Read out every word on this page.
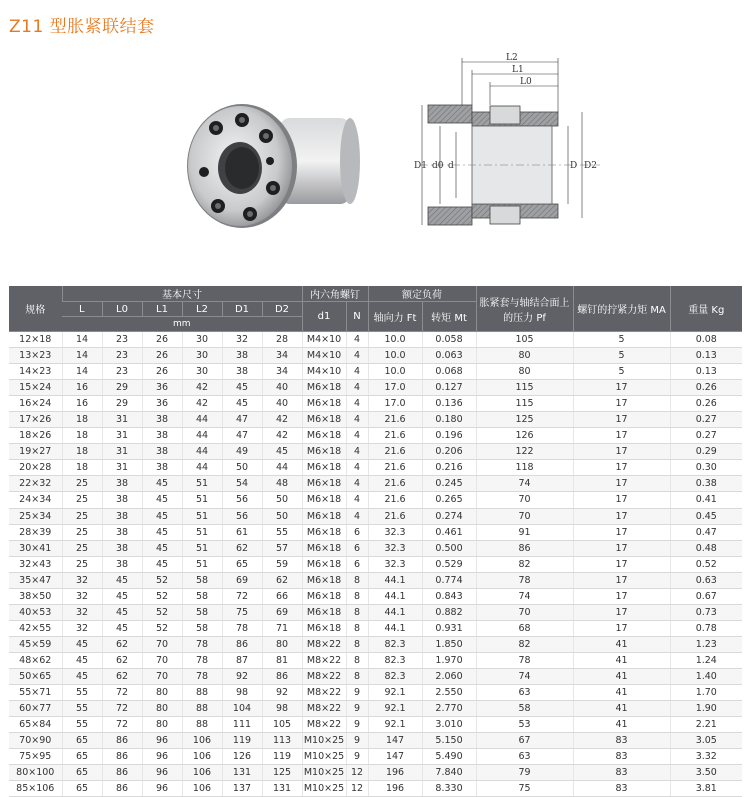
Z11 型胀紧联结套
L2
L1
L0
D1 d0 d	D D2
规格	基本尺寸						内六角螺钉		额定负荷		胀紧套与轴结合面上的压力 Pf	螺钉的拧紧力矩 MA	重量 Kg
	L	L0	L1	L2	D1	D2	d1	N	轴向力 Ft	转矩 Mt			
	mm												
12×18	14	23	26	30	32	28	M4×10	4	10.0	0.058	105	5	0.08
13×23	14	23	26	30	38	34	M4×10	4	10.0	0.063	80	5	0.13
14×23	14	23	26	30	38	34	M4×10	4	10.0	0.068	80	5	0.13
15×24	16	29	36	42	45	40	M6×18	4	17.0	0.127	115	17	0.26
16×24	16	29	36	42	45	40	M6×18	4	17.0	0.136	115	17	0.26
17×26	18	31	38	44	47	42	M6×18	4	21.6	0.180	125	17	0.27
18×26	18	31	38	44	47	42	M6×18	4	21.6	0.196	126	17	0.27
19×27	18	31	38	44	49	45	M6×18	4	21.6	0.206	122	17	0.29
20×28	18	31	38	44	50	44	M6×18	4	21.6	0.216	118	17	0.30
22×32	25	38	45	51	54	48	M6×18	4	21.6	0.245	74	17	0.38
24×34	25	38	45	51	56	50	M6×18	4	21.6	0.265	70	17	0.41
25×34	25	38	45	51	56	50	M6×18	4	21.6	0.274	70	17	0.45
28×39	25	38	45	51	61	55	M6×18	6	32.3	0.461	91	17	0.47
30×41	25	38	45	51	62	57	M6×18	6	32.3	0.500	86	17	0.48
32×43	25	38	45	51	65	59	M6×18	6	32.3	0.529	82	17	0.52
35×47	32	45	52	58	69	62	M6×18	8	44.1	0.774	78	17	0.63
38×50	32	45	52	58	72	66	M6×18	8	44.1	0.843	74	17	0.67
40×53	32	45	52	58	75	69	M6×18	8	44.1	0.882	70	17	0.73
42×55	32	45	52	58	78	71	M6×18	8	44.1	0.931	68	17	0.78
45×59	45	62	70	78	86	80	M8×22	8	82.3	1.850	82	41	1.23
48×62	45	62	70	78	87	81	M8×22	8	82.3	1.970	78	41	1.24
50×65	45	62	70	78	92	86	M8×22	8	82.3	2.060	74	41	1.40
55×71	55	72	80	88	98	92	M8×22	9	92.1	2.550	63	41	1.70
60×77	55	72	80	88	104	98	M8×22	9	92.1	2.770	58	41	1.90
65×84	55	72	80	88	111	105	M8×22	9	92.1	3.010	53	41	2.21
70×90	65	86	96	106	119	113	M10×25	9	147	5.150	67	83	3.05
75×95	65	86	96	106	126	119	M10×25	9	147	5.490	63	83	3.32
80×100	65	86	96	106	131	125	M10×25	12	196	7.840	79	83	3.50
85×106	65	86	96	106	137	131	M10×25	12	196	8.330	75	83	3.81
